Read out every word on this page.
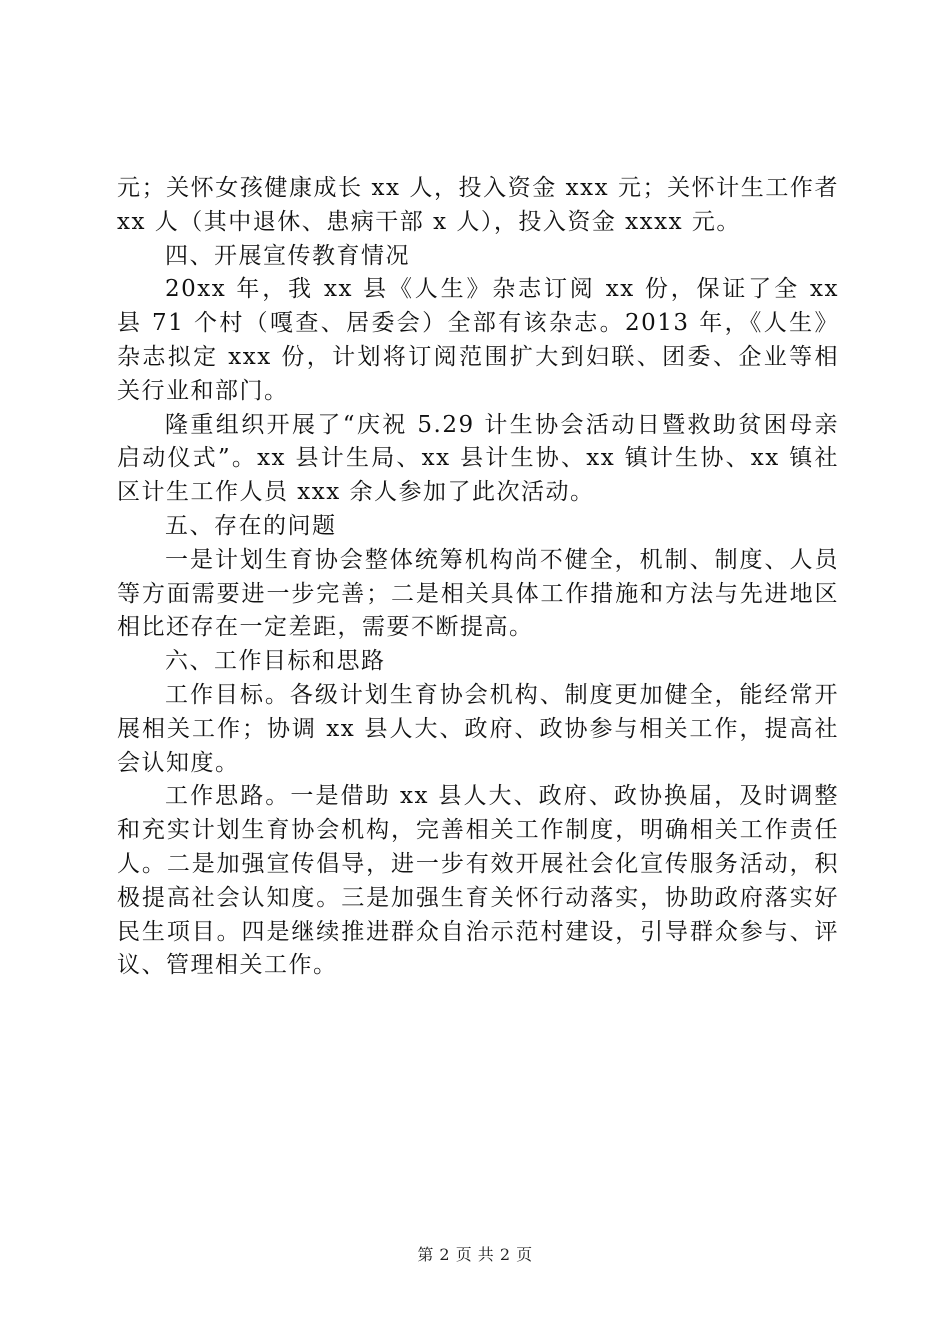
元；关怀女孩健康成长 xx 人，投入资金 xxx 元；关怀计生工作者 xx 人（其中退休、患病干部 x 人），投入资金 xxxx 元。

四、开展宣传教育情况

20xx 年，我 xx 县《人生》杂志订阅 xx 份，保证了全 xx 县 71 个村（嘎查、居委会）全部有该杂志。2013 年，《人生》杂志拟定 xxx 份，计划将订阅范围扩大到妇联、团委、企业等相关行业和部门。

隆重组织开展了“庆祝 5.29 计生协会活动日暨救助贫困母亲启动仪式”。xx 县计生局、xx 县计生协、xx 镇计生协、xx 镇社区计生工作人员 xxx 余人参加了此次活动。

五、存在的问题

一是计划生育协会整体统筹机构尚不健全，机制、制度、人员等方面需要进一步完善；二是相关具体工作措施和方法与先进地区相比还存在一定差距，需要不断提高。

六、工作目标和思路

工作目标。各级计划生育协会机构、制度更加健全，能经常开展相关工作；协调 xx 县人大、政府、政协参与相关工作，提高社会认知度。

工作思路。一是借助 xx 县人大、政府、政协换届，及时调整和充实计划生育协会机构，完善相关工作制度，明确相关工作责任人。二是加强宣传倡导，进一步有效开展社会化宣传服务活动，积极提高社会认知度。三是加强生育关怀行动落实，协助政府落实好民生项目。四是继续推进群众自治示范村建设，引导群众参与、评议、管理相关工作。

第 2 页 共 2 页
